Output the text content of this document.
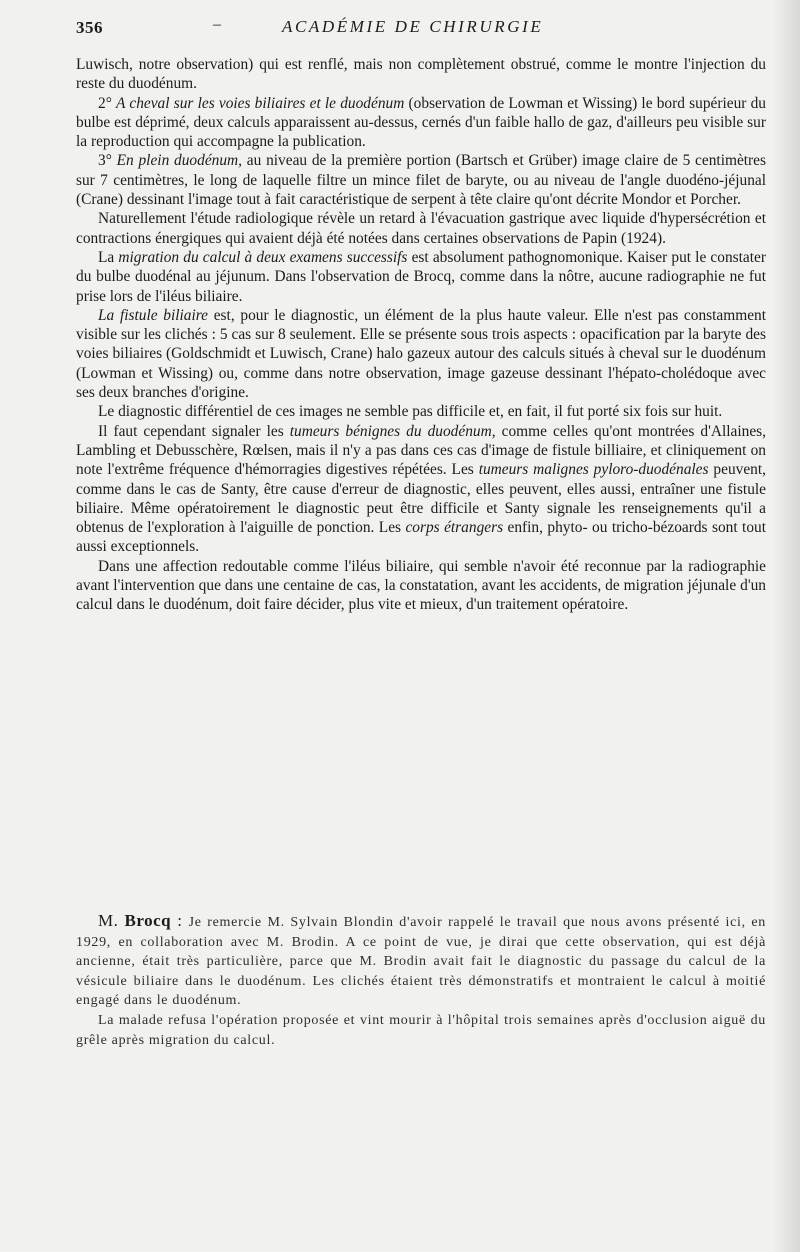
356	–	ACADÉMIE DE CHIRURGIE

Luwisch, notre observation) qui est renflé, mais non complètement obstrué, comme le montre l'injection du reste du duodénum.

2° A cheval sur les voies biliaires et le duodénum (observation de Lowman et Wissing) le bord supérieur du bulbe est déprimé, deux calculs apparaissent au-dessus, cernés d'un faible hallo de gaz, d'ailleurs peu visible sur la reproduction qui accompagne la publication.

3° En plein duodénum, au niveau de la première portion (Bartsch et Grüber) image claire de 5 centimètres sur 7 centimètres, le long de laquelle filtre un mince filet de baryte, ou au niveau de l'angle duodéno-jéjunal (Crane) dessinant l'image tout à fait caractéristique de serpent à tête claire qu'ont décrite Mondor et Porcher.

Naturellement l'étude radiologique révèle un retard à l'évacuation gastrique avec liquide d'hypersécrétion et contractions énergiques qui avaient déjà été notées dans certaines observations de Papin (1924).

La migration du calcul à deux examens successifs est absolument pathognomonique. Kaiser put le constater du bulbe duodénal au jéjunum. Dans l'observation de Brocq, comme dans la nôtre, aucune radiographie ne fut prise lors de l'iléus biliaire.

La fistule biliaire est, pour le diagnostic, un élément de la plus haute valeur. Elle n'est pas constamment visible sur les clichés : 5 cas sur 8 seulement. Elle se présente sous trois aspects : opacification par la baryte des voies biliaires (Goldschmidt et Luwisch, Crane) halo gazeux autour des calculs situés à cheval sur le duodénum (Lowman et Wissing) ou, comme dans notre observation, image gazeuse dessinant l'hépato-cholédoque avec ses deux branches d'origine.

Le diagnostic différentiel de ces images ne semble pas difficile et, en fait, il fut porté six fois sur huit.

Il faut cependant signaler les tumeurs bénignes du duodénum, comme celles qu'ont montrées d'Allaines, Lambling et Debusschère, Rœlsen, mais il n'y a pas dans ces cas d'image de fistule billiaire, et cliniquement on note l'extrême fréquence d'hémorragies digestives répétées. Les tumeurs malignes pyloro-duodénales peuvent, comme dans le cas de Santy, être cause d'erreur de diagnostic, elles peuvent, elles aussi, entraîner une fistule biliaire. Même opératoirement le diagnostic peut être difficile et Santy signale les renseignements qu'il a obtenus de l'exploration à l'aiguille de ponction. Les corps étrangers enfin, phyto- ou tricho-bézoards sont tout aussi exceptionnels.

Dans une affection redoutable comme l'iléus biliaire, qui semble n'avoir été reconnue par la radiographie avant l'intervention que dans une centaine de cas, la constatation, avant les accidents, de migration jéjunale d'un calcul dans le duodénum, doit faire décider, plus vite et mieux, d'un traitement opératoire.

M. Brocq : Je remercie M. Sylvain Blondin d'avoir rappelé le travail que nous avons présenté ici, en 1929, en collaboration avec M. Brodin. A ce point de vue, je dirai que cette observation, qui est déjà ancienne, était très particulière, parce que M. Brodin avait fait le diagnostic du passage du calcul de la vésicule biliaire dans le duodénum. Les clichés étaient très démonstratifs et montraient le calcul à moitié engagé dans le duodénum.

La malade refusa l'opération proposée et vint mourir à l'hôpital trois semaines après d'occlusion aiguë du grêle après migration du calcul.
